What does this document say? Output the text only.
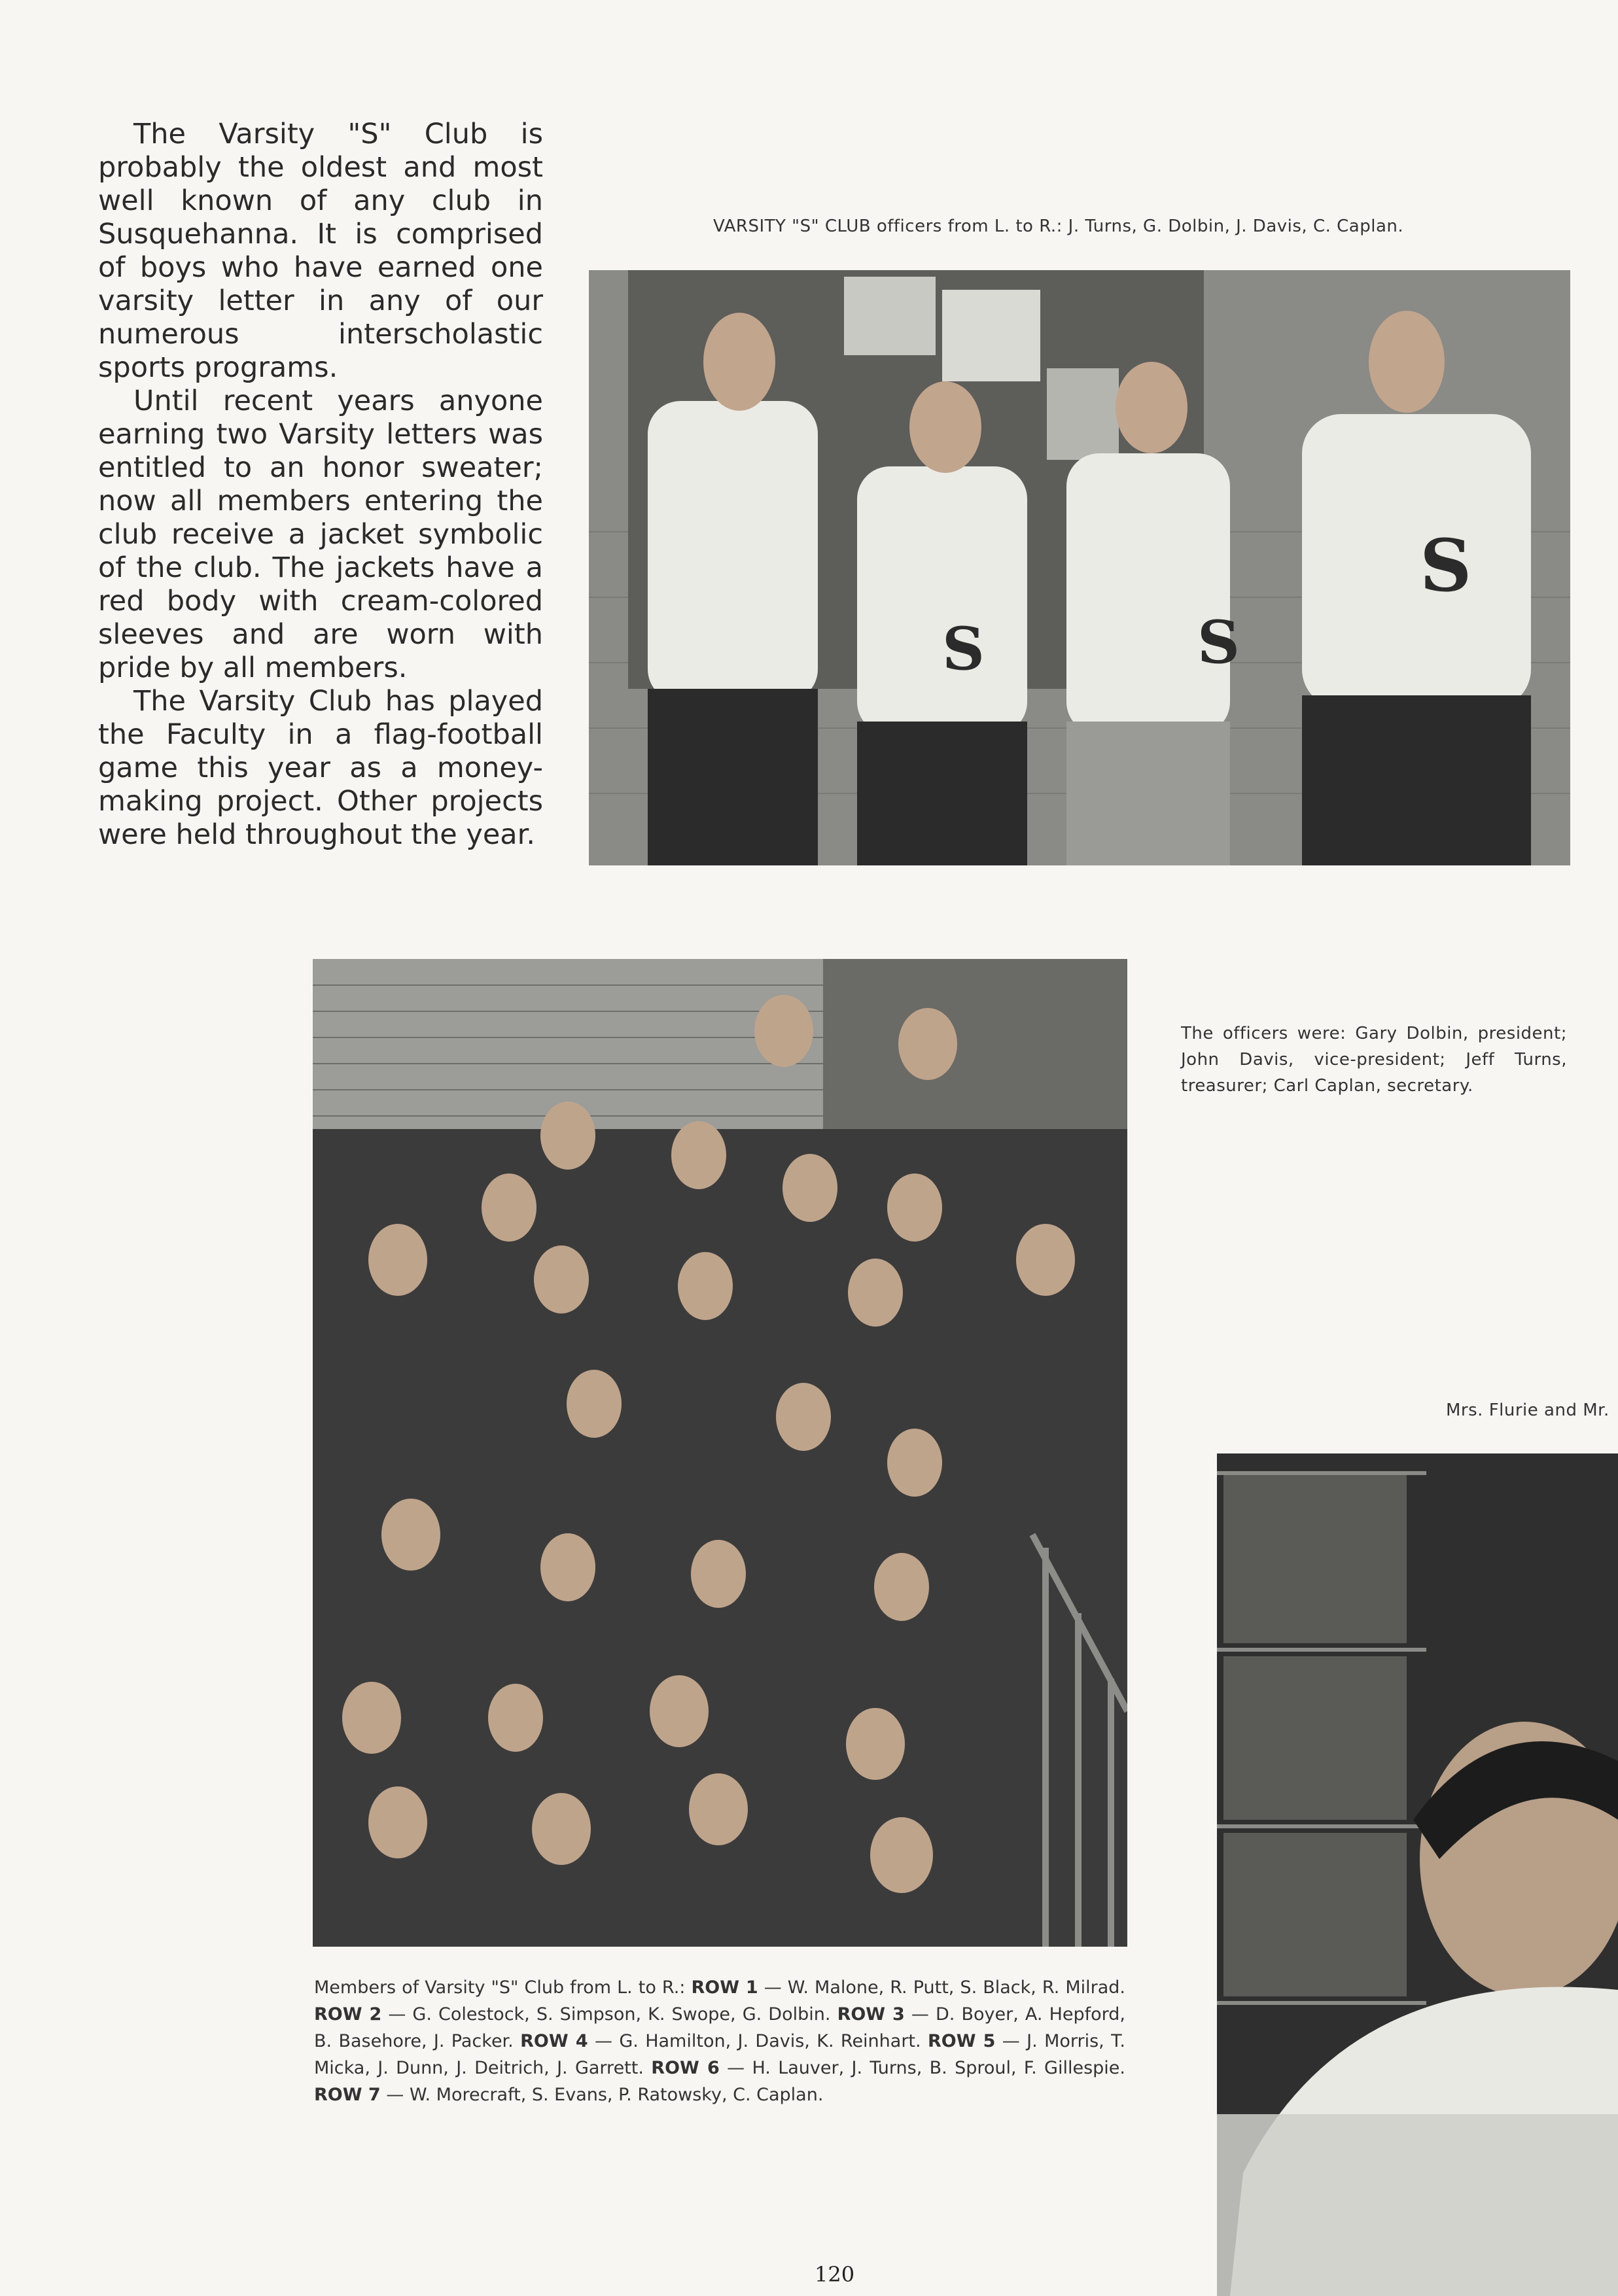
The Varsity "S" Club is probably the oldest and most well known of any club in Susquehanna. It is comprised of boys who have earned one varsity letter in any of our numerous interscholastic sports programs.

Until recent years anyone earning two Varsity letters was entitled to an honor sweater; now all members entering the club receive a jacket symbolic of the club. The jackets have a red body with cream-colored sleeves and are worn with pride by all members.

The Varsity Club has played the Faculty in a flag-football game this year as a money-making project. Other projects were held throughout the year.

VARSITY "S" CLUB officers from L. to R.: J. Turns, G. Dolbin, J. Davis, C. Caplan.
S	S
S
The officers were: Gary Dolbin, president; John Davis, vice-president; Jeff Turns, treasurer; Carl Caplan, secretary.
Mrs. Flurie and Mr.
Members of Varsity "S" Club from L. to R.: ROW 1 — W. Malone, R. Putt, S. Black, R. Milrad. ROW 2 — G. Colestock, S. Simpson, K. Swope, G. Dolbin. ROW 3 — D. Boyer, A. Hepford, B. Basehore, J. Packer. ROW 4 — G. Hamilton, J. Davis, K. Reinhart. ROW 5 — J. Morris, T. Micka, J. Dunn, J. Deitrich, J. Garrett. ROW 6 — H. Lauver, J. Turns, B. Sproul, F. Gillespie. ROW 7 — W. Morecraft, S. Evans, P. Ratowsky, C. Caplan.
120
